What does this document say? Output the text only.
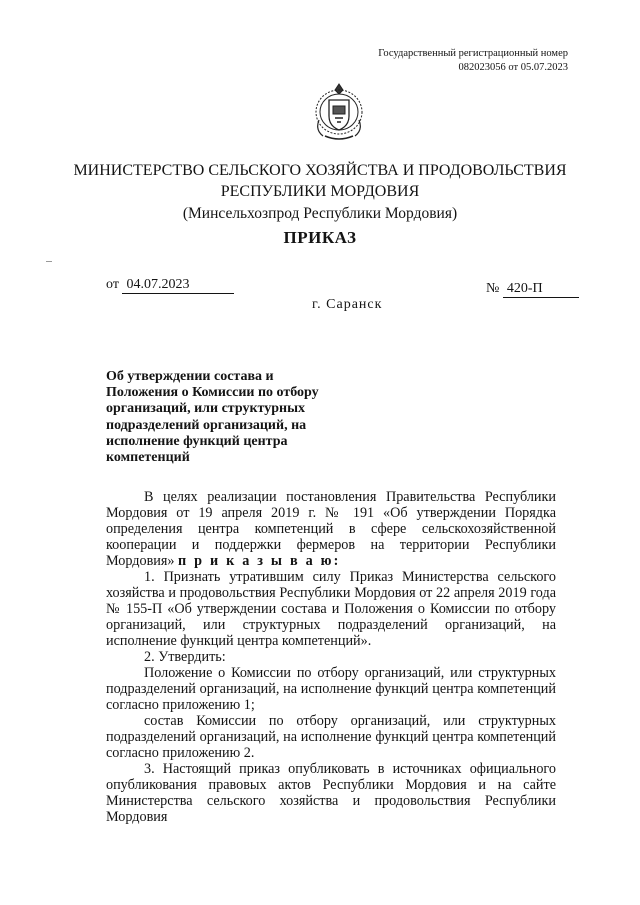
Государственный регистрационный номер
082023056 от 05.07.2023
МИНИСТЕРСТВО СЕЛЬСКОГО ХОЗЯЙСТВА И ПРОДОВОЛЬСТВИЯ
РЕСПУБЛИКИ МОРДОВИЯ
(Минсельхозпрод Республики Мордовия)
ПРИКАЗ
от 04.07.2023	№ 420-П
г. Саранск
Об утверждении состава и Положения о Комиссии по отбору организаций, или структурных подразделений организаций, на исполнение функций центра компетенций

В целях реализации постановления Правительства Республики Мордовия от 19 апреля 2019 г. № 191 «Об утверждении Порядка определения центра компетенций в сфере сельскохозяйственной кооперации и поддержки фермеров на территории Республики Мордовия» п р и к а з ы в а ю:

1. Признать утратившим силу Приказ Министерства сельского хозяйства и продовольствия Республики Мордовия от 22 апреля 2019 года № 155-П «Об утверждении состава и Положения о Комиссии по отбору организаций, или структурных подразделений организаций, на исполнение функций центра компетенций».

2. Утвердить:

Положение о Комиссии по отбору организаций, или структурных подразделений организаций, на исполнение функций центра компетенций согласно приложению 1;

состав Комиссии по отбору организаций, или структурных подразделений организаций, на исполнение функций центра компетенций согласно приложению 2.

3. Настоящий приказ опубликовать в источниках официального опубликования правовых актов Республики Мордовия и на сайте Министерства сельского хозяйства и продовольствия Республики Мордовия
